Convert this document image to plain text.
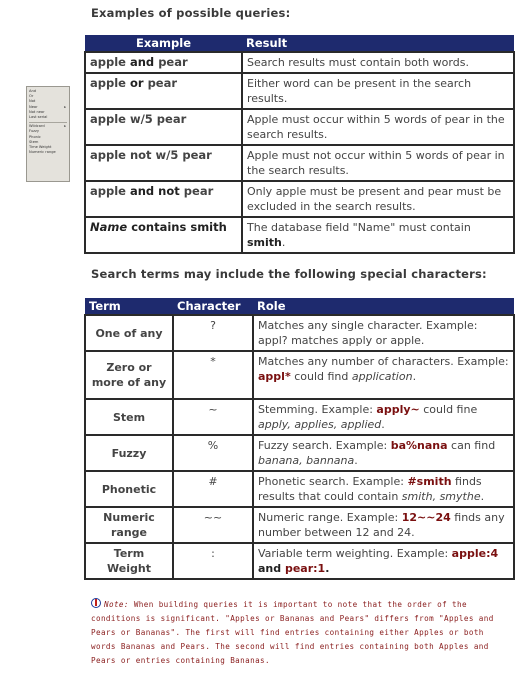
Examples of possible queries:
Example	Result
apple and pear	Search results must contain both words.
apple or pear	Either word can be present in the search results.
apple w/5 pear	Apple must occur within 5 words of pear in the search results.
apple not w/5 pear	Apple must not occur within 5 words of pear in the search results.
apple and not pear	Only apple must be present and pear must be excluded in the search results.
Name contains smith	The database field "Name" must contain smith.
Search terms may include the following special characters:
Term	Character	Role
One of any	?	Matches any single character. Example: appl? matches apply or apple.
Zero or more of any	*	Matches any number of characters. Example: appl* could find application.
Stem	~	Stemming. Example: apply~ could fine apply, applies, applied.
Fuzzy	%	Fuzzy search. Example: ba%nana can find banana, bannana.
Phonetic	#	Phonetic search. Example: #smith finds results that could contain smith, smythe.
Numeric range	~~	Numeric range. Example: 12~~24 finds any number between 12 and 24.
Term Weight	:	Variable term weighting. Example: apple:4 and pear:1.
And
Or
Not
Near	▸
Not near
Last serial
Wildcard	▸
Fuzzy
Phonic
Stem
Time Weight
Numeric range
Note: When building queries it is important to note that the order of the conditions is significant. "Apples or Bananas and Pears" differs from "Apples and Pears or Bananas". The first will find entries containing either Apples or both words Bananas and Pears. The second will find entries containing both Apples and Pears or entries containing Bananas.
